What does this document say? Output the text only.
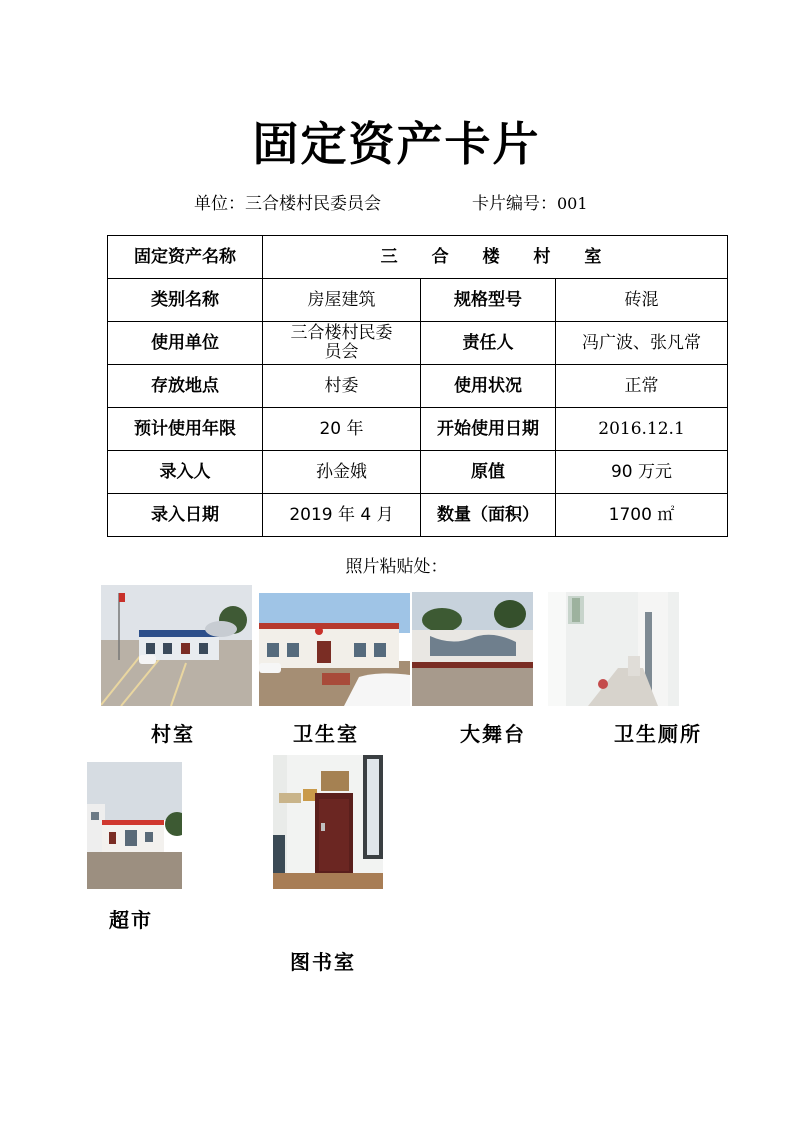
固定资产卡片
单位：三合楼村民委员会	卡片编号：001
固定资产名称	三 合 楼 村 室		
类别名称	房屋建筑	规格型号	砖混
使用单位	三合楼村民委员会	责任人	冯广波、张凡常
存放地点	村委	使用状况	正常
预计使用年限	20 年	开始使用日期	2016.12.1
录入人	孙金娥	原值	90 万元
录入日期	2019 年 4 月	数量（面积）	1700 ㎡
照片粘贴处：
村室	卫生室	大舞台	卫生厕所
超市
图书室
